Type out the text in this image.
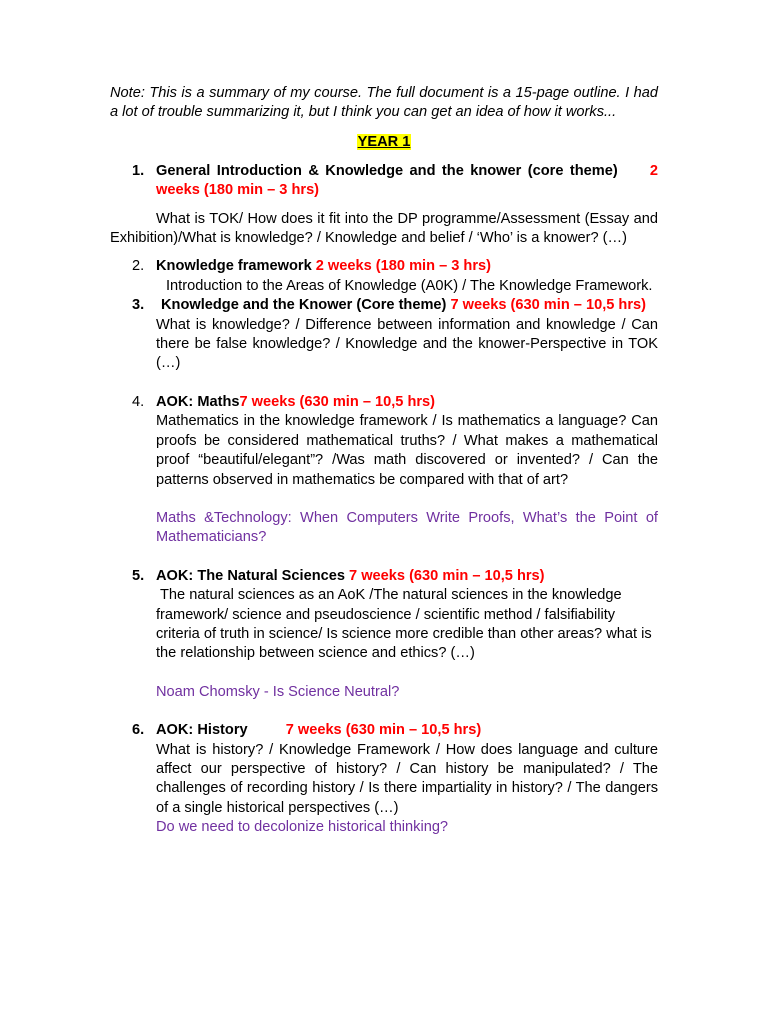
Note: This is a summary of my course. The full document is a 15-page outline. I had a lot of trouble summarizing it, but I think you can get an idea of how it works...

YEAR 1

1. General Introduction & Knowledge and the knower (core theme) 2 weeks (180 min – 3 hrs)

What is TOK/ How does it fit into the DP programme/Assessment (Essay and Exhibition)/What is knowledge? / Knowledge and belief / ‘Who’ is a knower? (…)

2. Knowledge framework 2 weeks (180 min – 3 hrs)

Introduction to the Areas of Knowledge (A0K) / The Knowledge Framework.

3.	Knowledge and the Knower (Core theme) 7 weeks (630 min – 10,5 hrs)

What is knowledge? / Difference between information and knowledge / Can there be false knowledge? / Knowledge and the knower-Perspective in TOK (…)

4. AOK: Maths7 weeks (630 min – 10,5 hrs)

Mathematics in the knowledge framework / Is mathematics a language? Can proofs be considered mathematical truths? / What makes a mathematical proof “beautiful/elegant”? /Was math discovered or invented? / Can the patterns observed in mathematics be compared with that of art?

Maths &Technology: When Computers Write Proofs, What’s the Point of Mathematicians?

5. AOK: The Natural Sciences 7 weeks (630 min – 10,5 hrs)

The natural sciences as an AoK /The natural sciences in the knowledge framework/ science and pseudoscience / scientific method / falsifiability criteria of truth in science/ Is science more credible than other areas? what is the relationship between science and ethics? (…)

Noam Chomsky - Is Science Neutral?

6. AOK: History	7 weeks (630 min – 10,5 hrs)

What is history? / Knowledge Framework / How does language and culture affect our perspective of history? / Can history be manipulated? / The challenges of recording history / Is there impartiality in history? / The dangers of a single historical perspectives (…)

Do we need to decolonize historical thinking?
